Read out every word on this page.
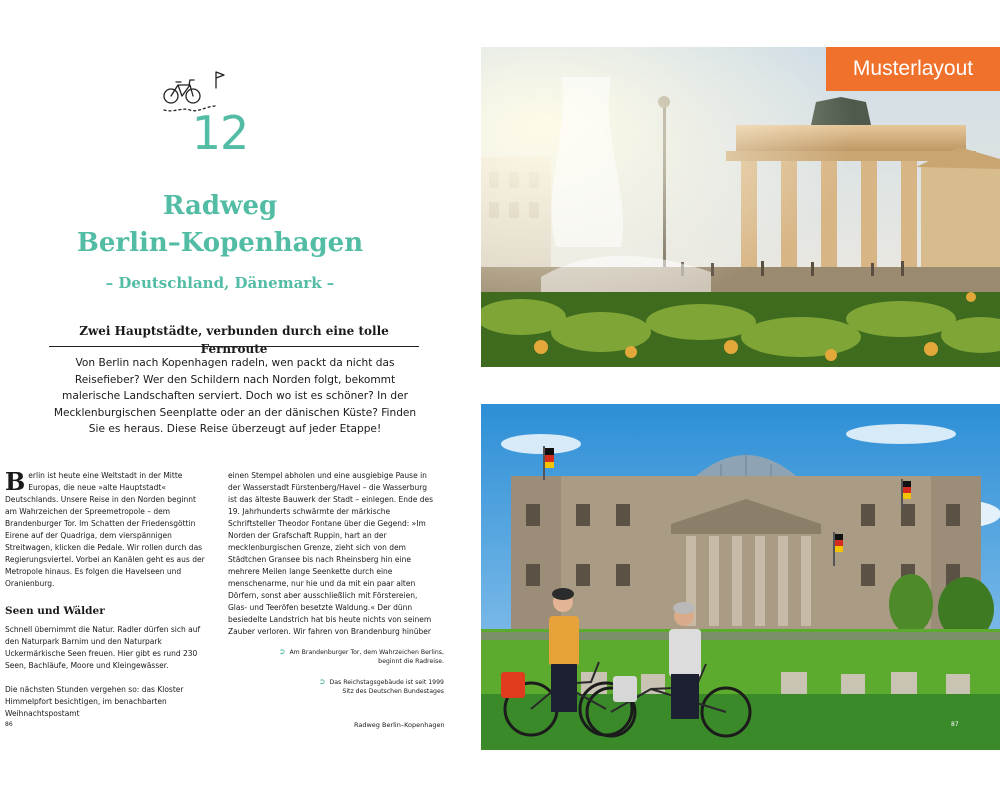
12
Radweg
Berlin–Kopenhagen
– Deutschland, Dänemark –
Zwei Hauptstädte, verbunden durch eine tolle Fernroute
Von Berlin nach Kopenhagen radeln, wen packt da nicht das Reisefieber? Wer den Schildern nach Norden folgt, bekommt malerische Landschaften serviert. Doch wo ist es schöner? In der Mecklenburgischen Seenplatte oder an der dänischen Küste? Finden Sie es heraus. Diese Reise überzeugt auf jeder Etappe!

Berlin ist heute eine Weltstadt in der Mitte Europas, die neue »alte Hauptstadt« Deutschlands. Unsere Reise in den Norden beginnt am Wahrzeichen der Spreemetropole – dem Brandenburger Tor. Im Schatten der Friedensgöttin Eirene auf der Quadriga, dem vierspännigen Streitwagen, klicken die Pedale. Wir rollen durch das Regierungsviertel. Vorbei an Kanälen geht es aus der Metropole hinaus. Es folgen die Havelseen und Oranienburg.

Seen und Wälder

Schnell übernimmt die Natur. Radler dürfen sich auf den Naturpark Barnim und den Naturpark Uckermärkische Seen freuen. Hier gibt es rund 230 Seen, Bachläufe, Moore und Kleingewässer.

Die nächsten Stunden vergehen so: das Kloster Himmelpfort besichtigen, im benachbarten Weihnachtspostamt

einen Stempel abholen und eine ausgiebige Pause in der Wasserstadt Fürstenberg/Havel – die Wasserburg ist das älteste Bauwerk der Stadt – einlegen. Ende des 19. Jahrhunderts schwärmte der märkische Schriftsteller Theodor Fontane über die Gegend: »Im Norden der Grafschaft Ruppin, hart an der mecklenburgischen Grenze, zieht sich von dem Städtchen Gransee bis nach Rheinsberg hin eine mehrere Meilen lange Seenkette durch eine menschenarme, nur hie und da mit ein paar alten Dörfern, sonst aber ausschließlich mit Förstereien, Glas- und Teeröfen besetzte Waldung.« Der dünn besiedelte Landstrich hat bis heute nichts von seinem Zauber verloren. Wir fahren von Brandenburg hinüber

➲ Am Brandenburger Tor, dem Wahrzeichen Berlins,
beginnt die Radreise.
➲ Das Reichstagsgebäude ist seit 1999
Sitz des Deutschen Bundestages
86	Radweg Berlin–Kopenhagen
Musterlayout
87
